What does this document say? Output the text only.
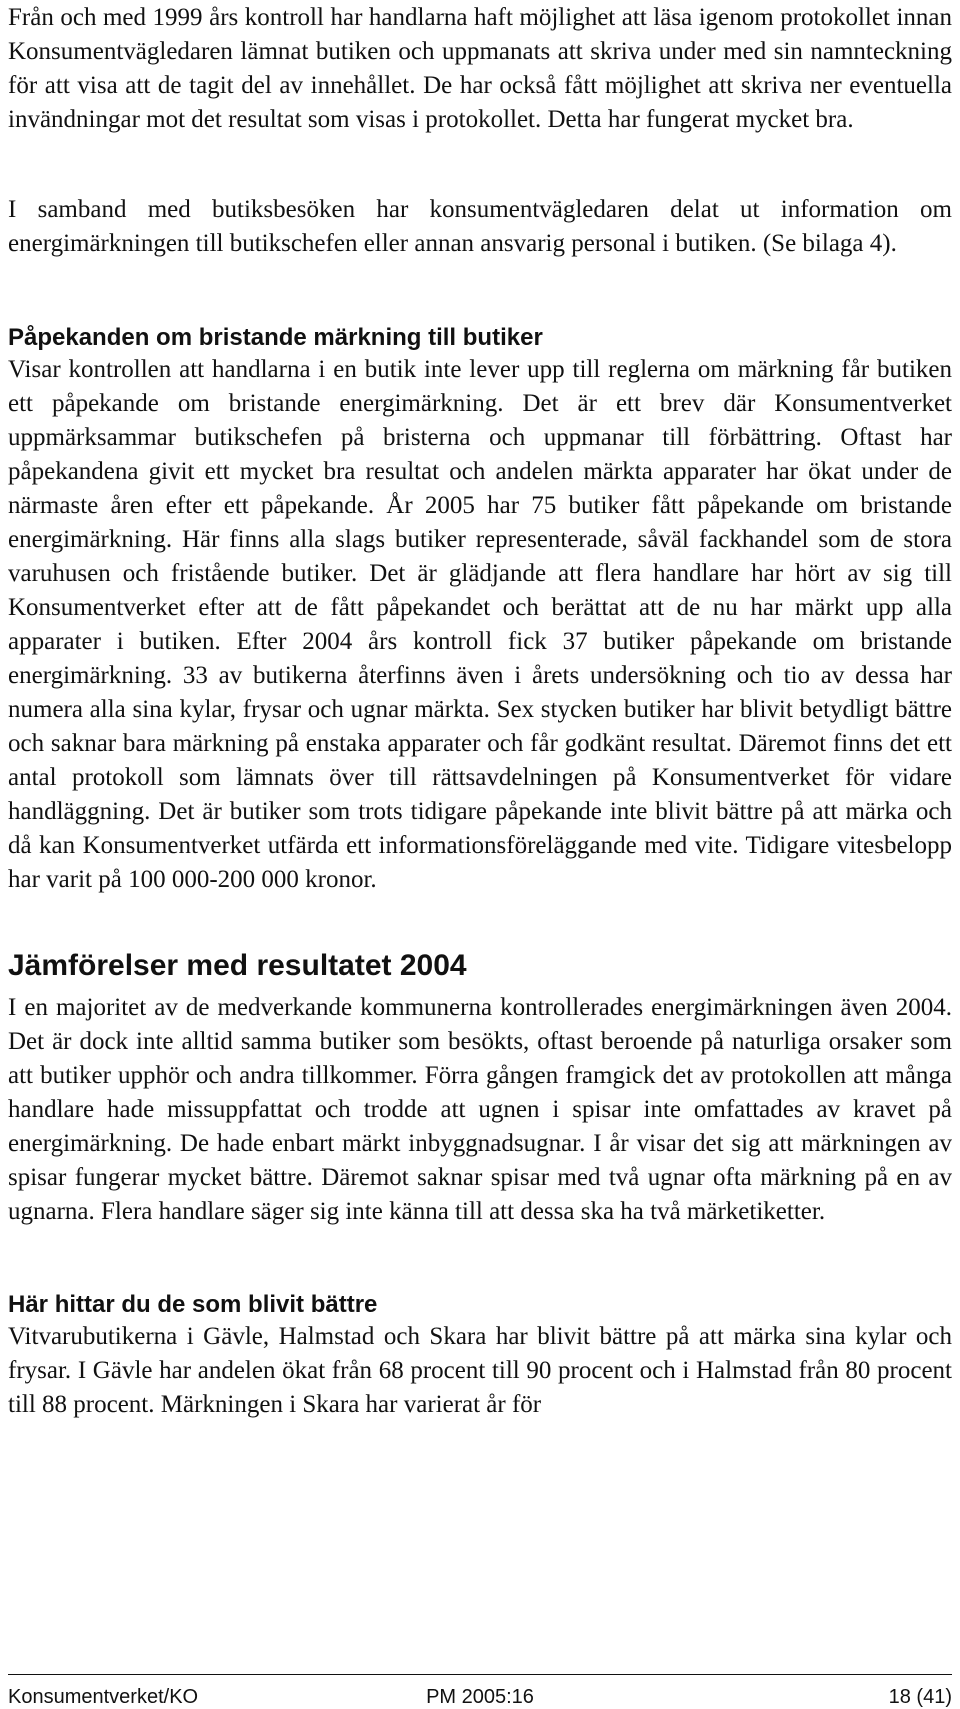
Från och med 1999 års kontroll har handlarna haft möjlighet att läsa igenom protokollet innan Konsumentvägledaren lämnat butiken och uppmanats att skriva under med sin namnteckning för att visa att de tagit del av innehållet. De har också fått möjlighet att skriva ner eventuella invändningar mot det resultat som visas i protokollet. Detta har fungerat mycket bra.

I samband med butiksbesöken har konsumentvägledaren delat ut information om energimärkningen till butikschefen eller annan ansvarig personal i butiken. (Se bilaga 4).

Påpekanden om bristande märkning till butiker

Visar kontrollen att handlarna i en butik inte lever upp till reglerna om märkning får butiken ett påpekande om bristande energimärkning. Det är ett brev där Konsumentverket uppmärksammar butikschefen på bristerna och uppmanar till förbättring. Oftast har påpekandena givit ett mycket bra resultat och andelen märkta apparater har ökat under de närmaste åren efter ett påpekande. År 2005 har 75 butiker fått påpekande om bristande energimärkning. Här finns alla slags butiker representerade, såväl fackhandel som de stora varuhusen och fristående butiker. Det är glädjande att flera handlare har hört av sig till Konsumentverket efter att de fått påpekandet och berättat att de nu har märkt upp alla apparater i butiken. Efter 2004 års kontroll fick 37 butiker påpekande om bristande energimärkning. 33 av butikerna återfinns även i årets undersökning och tio av dessa har numera alla sina kylar, frysar och ugnar märkta. Sex stycken butiker har blivit betydligt bättre och saknar bara märkning på enstaka apparater och får godkänt resultat. Däremot finns det ett antal protokoll som lämnats över till rättsavdelningen på Konsumentverket för vidare handläggning. Det är butiker som trots tidigare påpekande inte blivit bättre på att märka och då kan Konsumentverket utfärda ett informationsföreläggande med vite. Tidigare vitesbelopp har varit på 100 000-200 000 kronor.

Jämförelser med resultatet 2004

I en majoritet av de medverkande kommunerna kontrollerades energimärkningen även 2004. Det är dock inte alltid samma butiker som besökts, oftast beroende på naturliga orsaker som att butiker upphör och andra tillkommer. Förra gången framgick det av protokollen att många handlare hade missuppfattat och trodde att ugnen i spisar inte omfattades av kravet på energimärkning. De hade enbart märkt inbyggnadsugnar. I år visar det sig att märkningen av spisar fungerar mycket bättre. Däremot saknar spisar med två ugnar ofta märkning på en av ugnarna. Flera handlare säger sig inte känna till att dessa ska ha två märketiketter.

Här hittar du de som blivit bättre

Vitvarubutikerna i Gävle, Halmstad och Skara har blivit bättre på att märka sina kylar och frysar. I Gävle har andelen ökat från 68 procent till 90 procent och i Halmstad från 80 procent till 88 procent. Märkningen i Skara har varierat år för

Konsumentverket/KO	PM 2005:16	18 (41)
